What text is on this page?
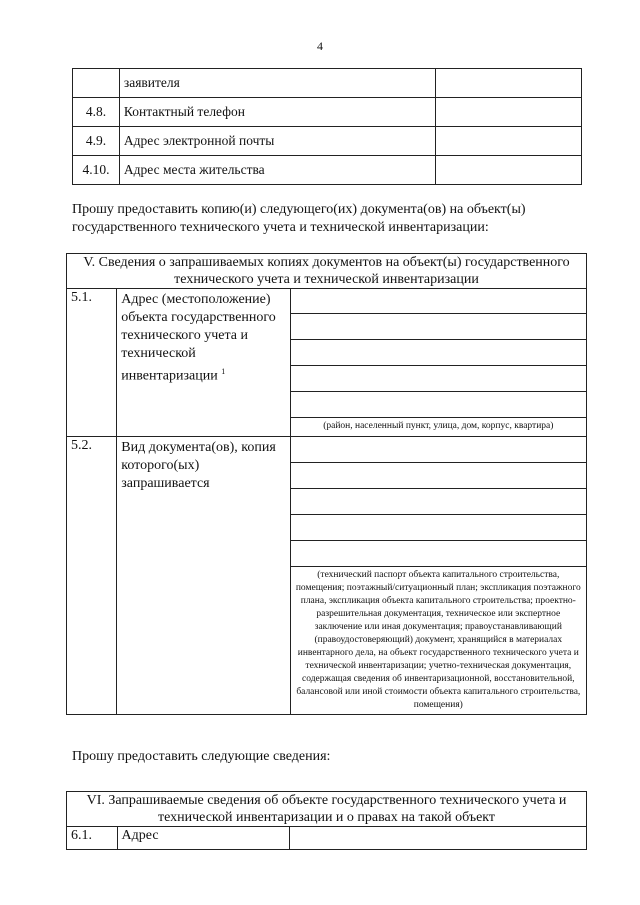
4
	заявителя	
4.8.	Контактный телефон	
4.9.	Адрес электронной почты	
4.10.	Адрес места жительства	
Прошу предоставить копию(и) следующего(их) документа(ов) на объект(ы) государственного технического учета и технической инвентаризации:
V. Сведения о запрашиваемых копиях документов на объект(ы) государственного технического учета и технической инвентаризации		
5.1.	Адрес (местоположение) объекта государственного технического учета и технической инвентаризации $^1$	(район, населенный пункт, улица, дом, корпус, квартира)

5.2.	Вид документа(ов), копия которого(ых) запрашивается	(технический паспорт объекта капитального строительства, помещения; поэтажный/ситуационный план; экспликация поэтажного плана, экспликация объекта капитального строительства; проектно-разрешительная документация, техническое или экспертное заключение или иная документация; правоустанавливающий (правоудостоверяющий) документ, хранящийся в материалах инвентарного дела, на объект государственного технического учета и технической инвентаризации; учетно-техническая документация, содержащая сведения об инвентаризационной, восстановительной, балансовой или иной стоимости объекта капитального строительства, помещения)
Прошу предоставить следующие сведения:
VI. Запрашиваемые сведения об объекте государственного технического учета и технической инвентаризации и о правах на такой объект
6.1.	Адрес	
